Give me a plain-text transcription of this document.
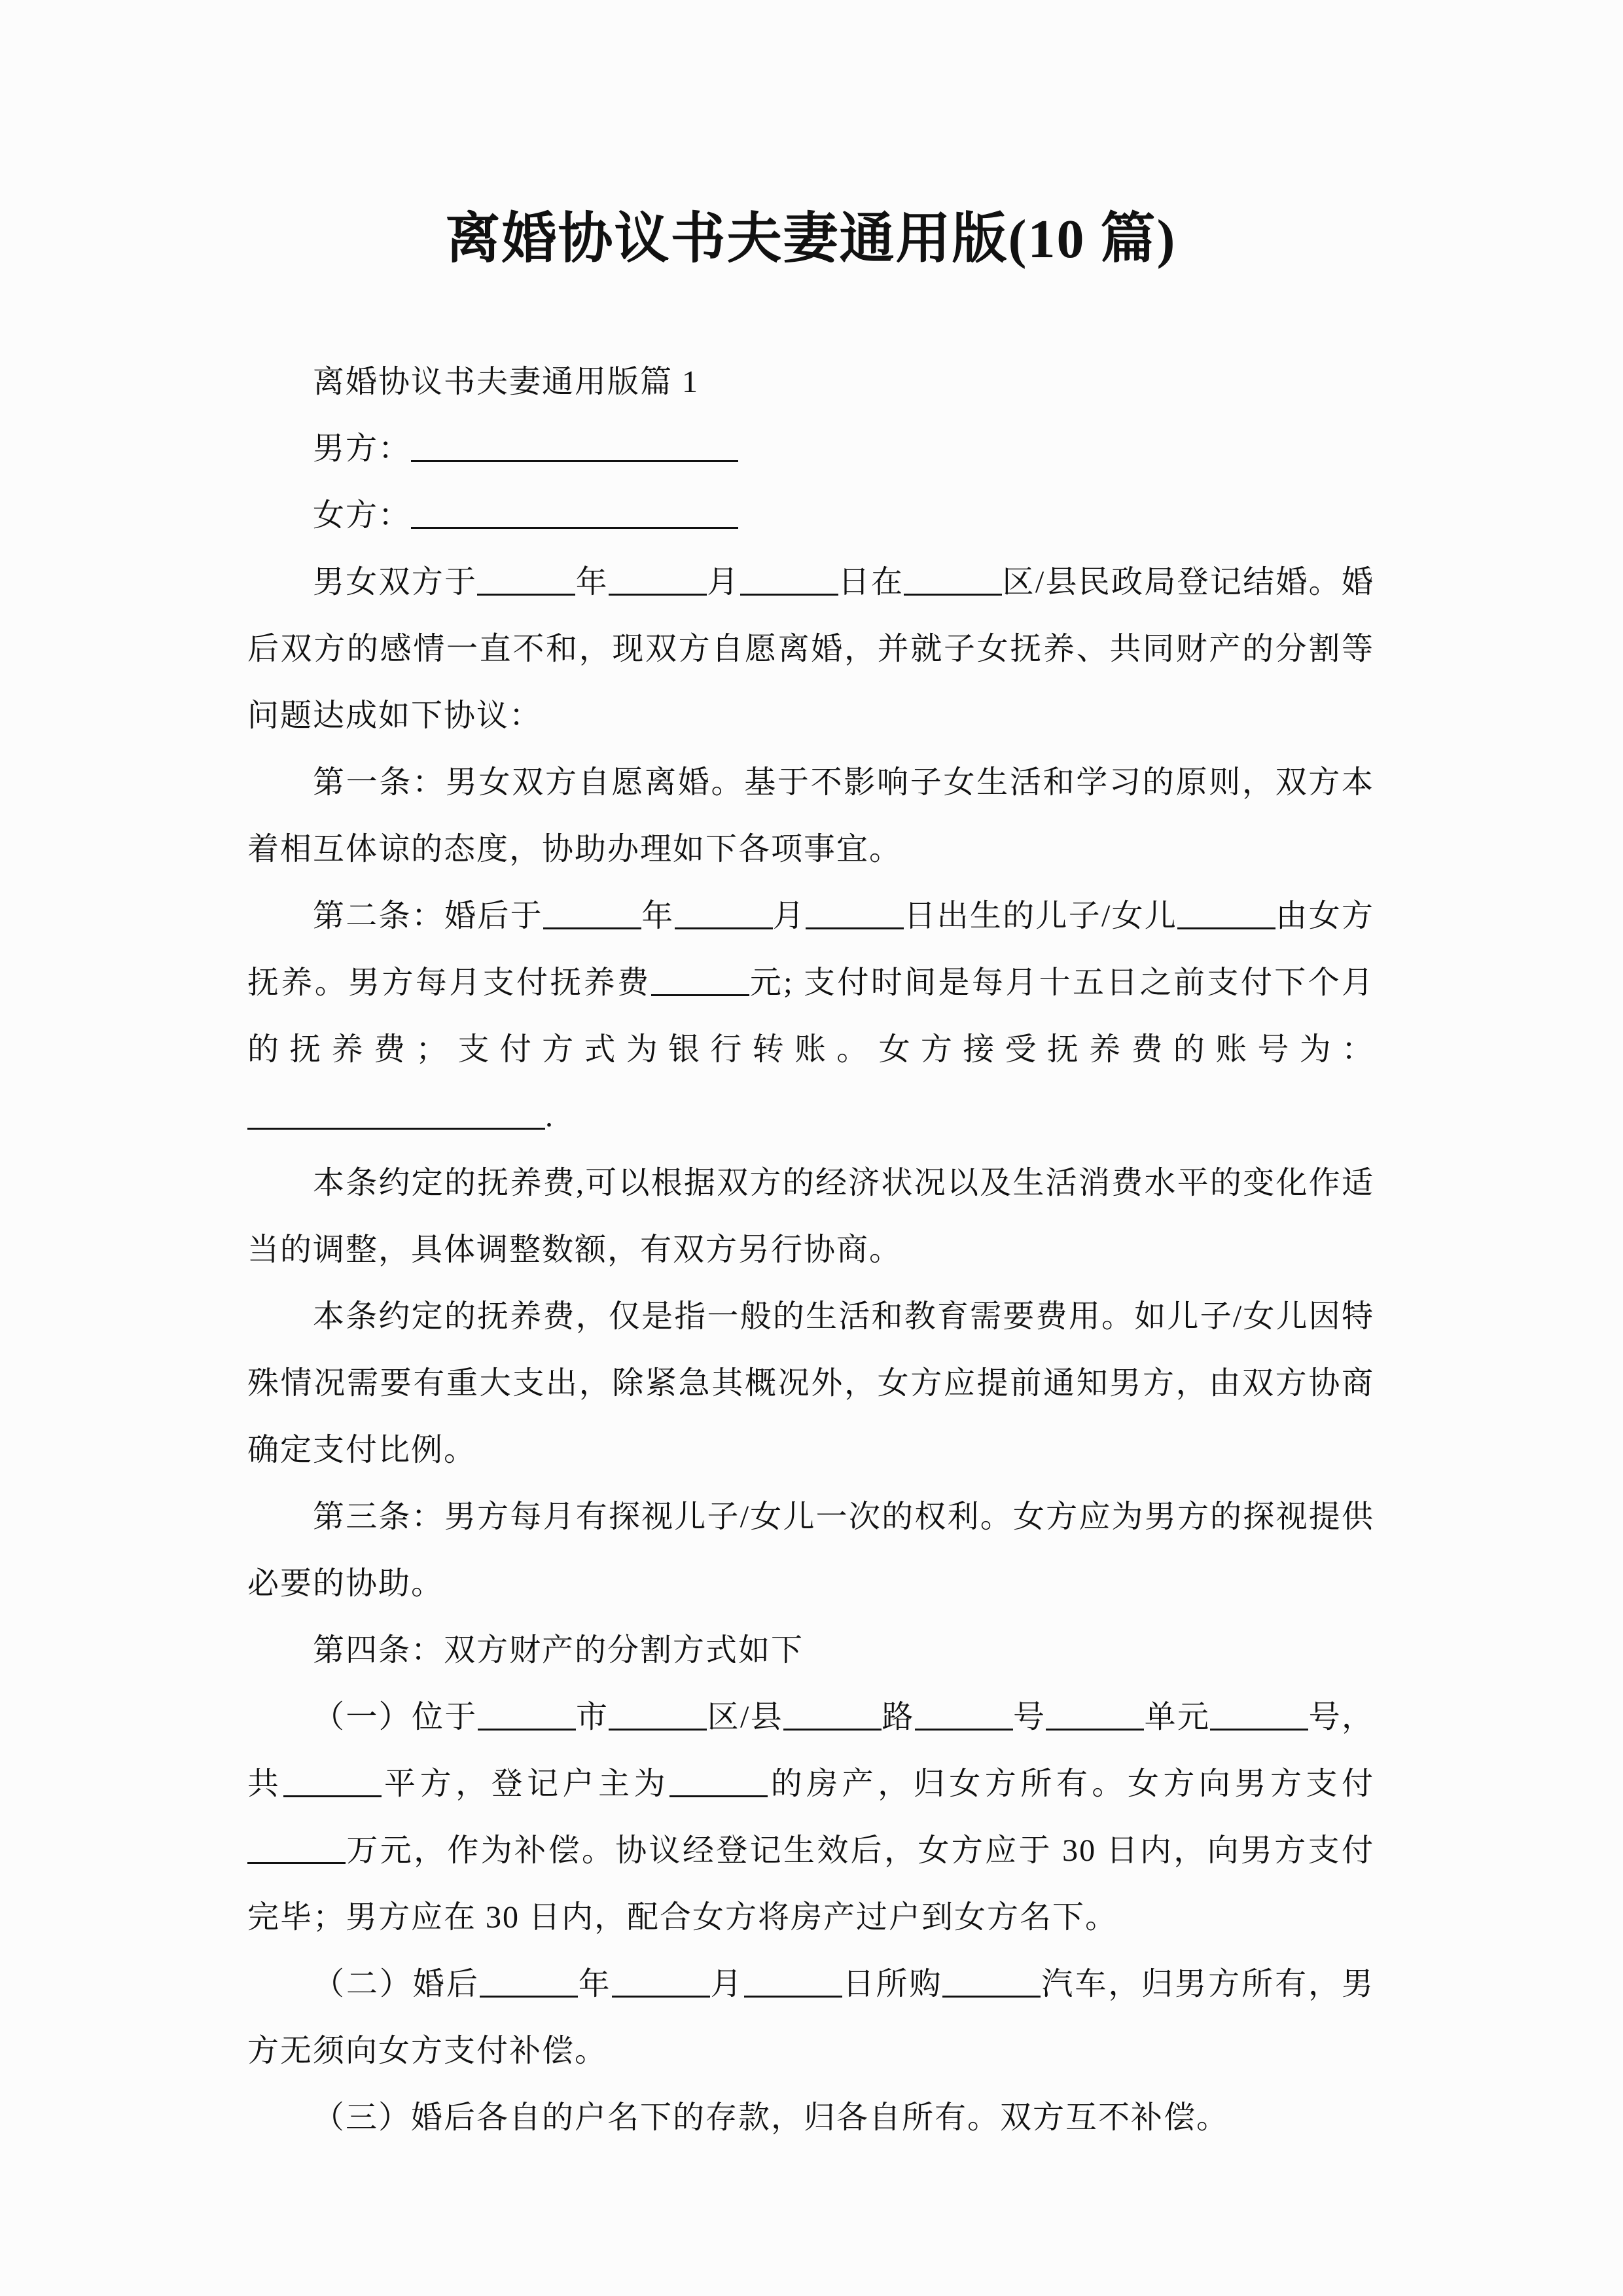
离婚协议书夫妻通用版(10 篇)

离婚协议书夫妻通用版篇 1

男方：

女方：

男女双方于	年	月	日在	区/县民政局登记结婚。婚后双方的感情一直不和，现双方自愿离婚，并就子女抚养、共同财产的分割等问题达成如下协议：

第一条：男女双方自愿离婚。基于不影响子女生活和学习的原则，双方本着相互体谅的态度，协助办理如下各项事宜。

第二条：婚后于	年	月	日出生的儿子/女儿	由女方抚养。男方每月支付抚养费	元; 支付时间是每月十五日之前支付下个月的抚养费；支付方式为银行转账。女方接受抚养费的账号为：.

本条约定的抚养费,可以根据双方的经济状况以及生活消费水平的变化作适当的调整，具体调整数额，有双方另行协商。

本条约定的抚养费，仅是指一般的生活和教育需要费用。如儿子/女儿因特殊情况需要有重大支出，除紧急其概况外，女方应提前通知男方，由双方协商确定支付比例。

第三条：男方每月有探视儿子/女儿一次的权利。女方应为男方的探视提供必要的协助。

第四条：双方财产的分割方式如下

（一）位于	市	区/县	路	号	单元	号，共	平方，登记户主为	的房产，归女方所有。女方向男方支付万元，作为补偿。协议经登记生效后，女方应于 30 日内，向男方支付完毕；男方应在 30 日内，配合女方将房产过户到女方名下。

（二）婚后	年	月	日所购	汽车，归男方所有，男方无须向女方支付补偿。

（三）婚后各自的户名下的存款，归各自所有。双方互不补偿。
